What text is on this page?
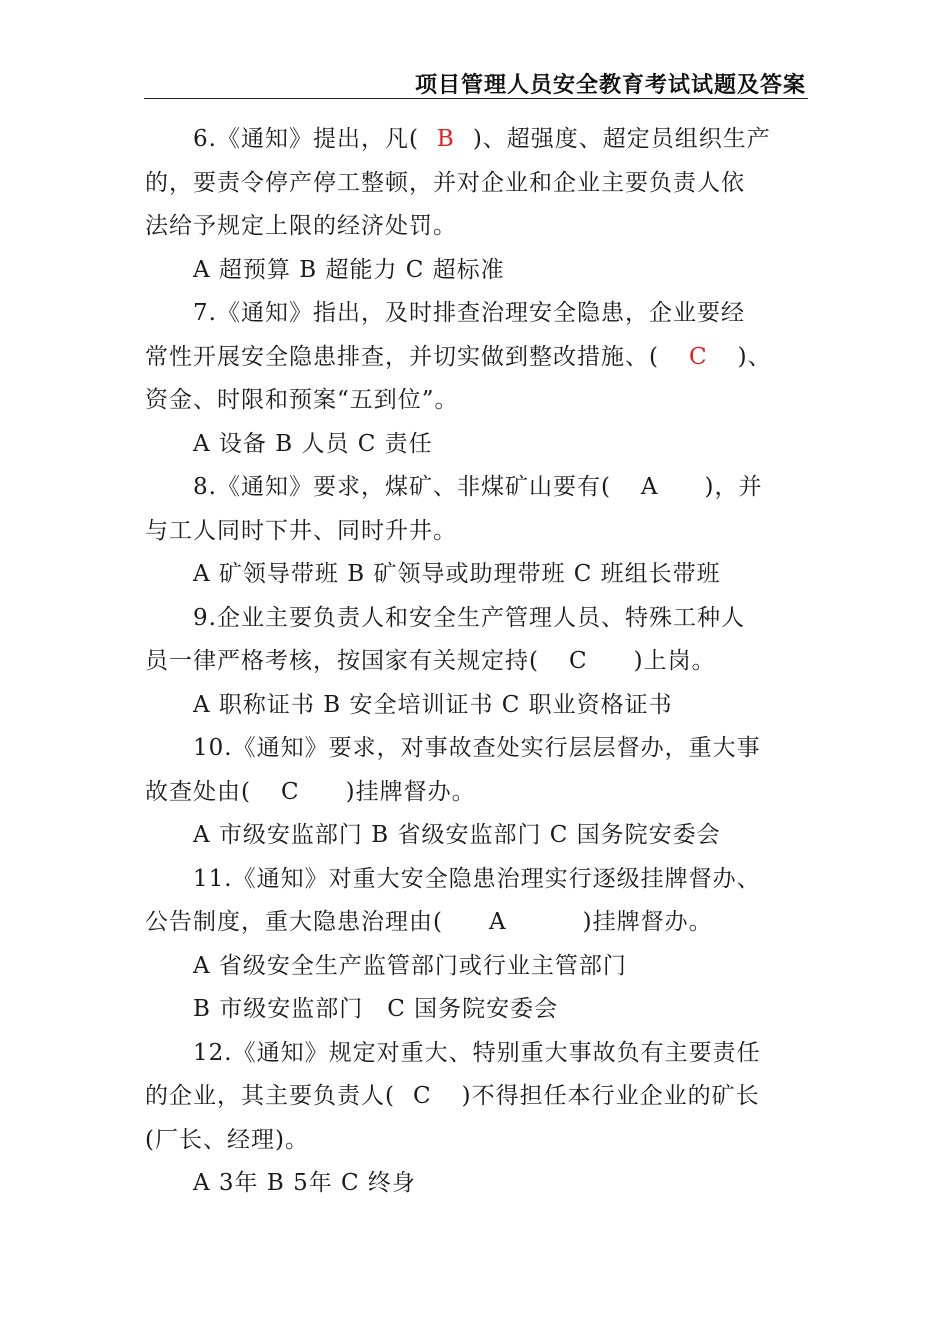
项目管理人员安全教育考试试题及答案

6.《通知》提出，凡( B )、超强度、超定员组织生产

的，要责令停产停工整顿，并对企业和企业主要负责人依

法给予规定上限的经济处罚。

A 超预算 B 超能力 C 超标准

7.《通知》指出，及时排查治理安全隐患，企业要经

常性开展安全隐患排查，并切实做到整改措施、( C )、

资金、时限和预案“五到位”。

A 设备 B 人员 C 责任

8.《通知》要求，煤矿、非煤矿山要有( A )，并

与工人同时下井、同时升井。

A 矿领导带班 B 矿领导或助理带班 C 班组长带班

9.企业主要负责人和安全生产管理人员、特殊工种人

员一律严格考核，按国家有关规定持( C )上岗。

A 职称证书 B 安全培训证书 C 职业资格证书

10.《通知》要求，对事故查处实行层层督办，重大事

故查处由( C )挂牌督办。

A 市级安监部门 B 省级安监部门 C 国务院安委会

11.《通知》对重大安全隐患治理实行逐级挂牌督办、

公告制度，重大隐患治理由( A	)挂牌督办。

A 省级安全生产监管部门或行业主管部门

B 市级安监部门　C 国务院安委会

12.《通知》规定对重大、特别重大事故负有主要责任

的企业，其主要负责人( C )不得担任本行业企业的矿长

(厂长、经理)。

A 3年 B 5年 C 终身
